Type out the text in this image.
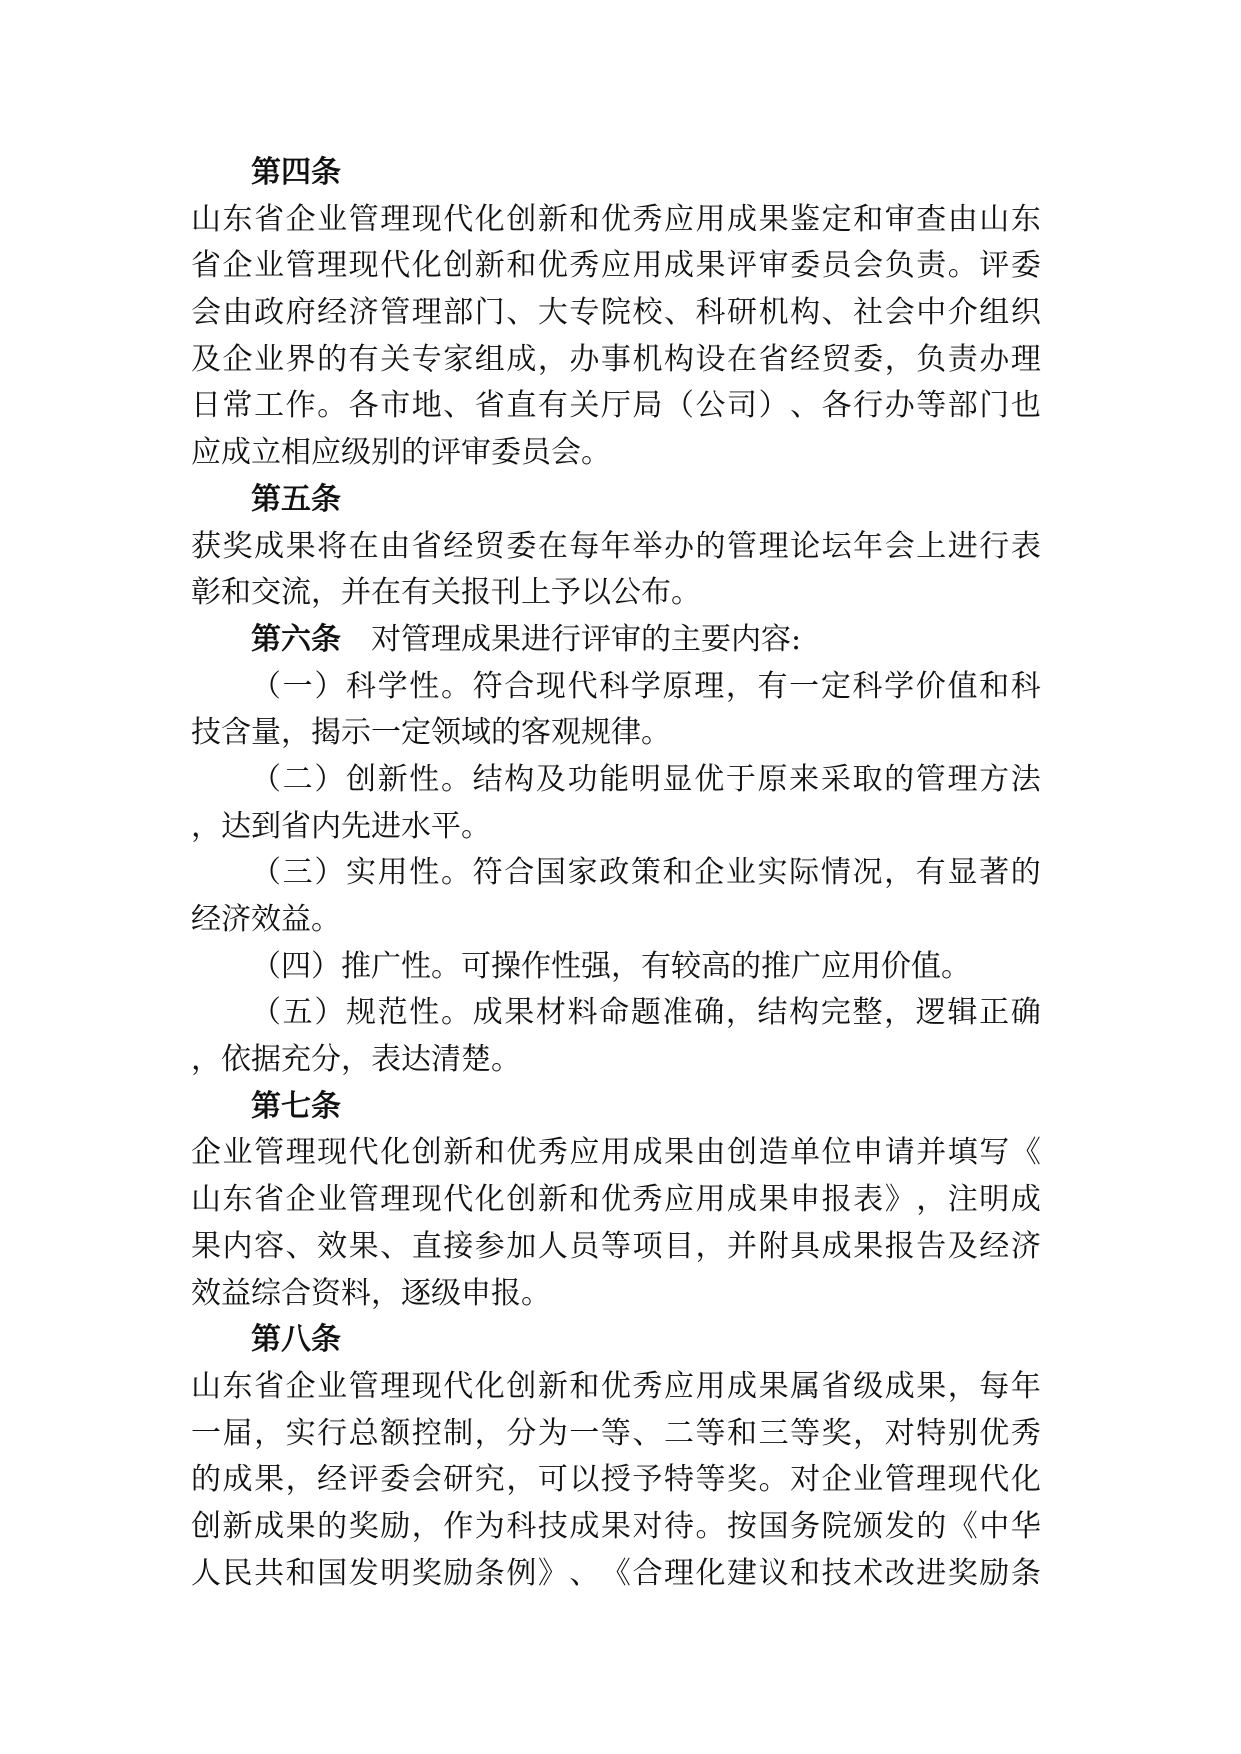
第四条
山 东 省 企 业 管 理 现 代 化 创 新 和 优 秀 应 用 成 果 鉴 定 和 审 查 由 山 东
省 企 业 管 理 现 代 化 创 新 和 优 秀 应 用 成 果 评 审 委 员 会 负 责 。 评 委
会 由 政 府 经 济 管 理 部 门 、 大 专 院 校 、 科 研 机 构 、 社 会 中 介 组 织
及 企 业 界 的 有 关 专 家 组 成 ， 办 事 机 构 设 在 省 经 贸 委 ， 负 责 办 理
日 常 工 作 。 各 市 地 、 省 直 有 关 厅 局 （ 公 司 ） 、 各 行 办 等 部 门 也
应成立相应级别的评审委员会。
第五条
获 奖 成 果 将 在 由 省 经 贸 委 在 每 年 举 办 的 管 理 论 坛 年 会 上 进 行 表
彰和交流，并在有关报刊上予以公布。
第六条 对管理成果进行评审的主要内容:
（ 一 ） 科 学 性 。 符 合 现 代 科 学 原 理 ， 有 一 定 科 学 价 值 和 科
技含量，揭示一定领域的客观规律。
（ 二 ） 创 新 性 。 结 构 及 功 能 明 显 优 于 原 来 采 取 的 管 理 方 法
，达到省内先进水平。
（ 三 ） 实 用 性 。 符 合 国 家 政 策 和 企 业 实 际 情 况 ， 有 显 著 的
经济效益。
（四）推广性。可操作性强，有较高的推广应用价值。
（ 五 ） 规 范 性 。 成 果 材 料 命 题 准 确 ， 结 构 完 整 ， 逻 辑 正 确
，依据充分，表达清楚。
第七条
企 业 管 理 现 代 化 创 新 和 优 秀 应 用 成 果 由 创 造 单 位 申 请 并 填 写 《
山 东 省 企 业 管 理 现 代 化 创 新 和 优 秀 应 用 成 果 申 报 表 》 ， 注 明 成
果 内 容 、 效 果 、 直 接 参 加 人 员 等 项 目 ， 并 附 具 成 果 报 告 及 经 济
效益综合资料，逐级申报。
第八条
山 东 省 企 业 管 理 现 代 化 创 新 和 优 秀 应 用 成 果 属 省 级 成 果 ， 每 年
一 届 ， 实 行 总 额 控 制 ， 分 为 一 等 、 二 等 和 三 等 奖 ， 对 特 别 优 秀
的 成 果 ， 经 评 委 会 研 究 ， 可 以 授 予 特 等 奖 。 对 企 业 管 理 现 代 化
创 新 成 果 的 奖 励 ， 作 为 科 技 成 果 对 待 。 按 国 务 院 颁 发 的 《 中 华
人 民 共 和 国 发 明 奖 励 条 例 》 、 《 合 理 化 建 议 和 技 术 改 进 奖 励 条
